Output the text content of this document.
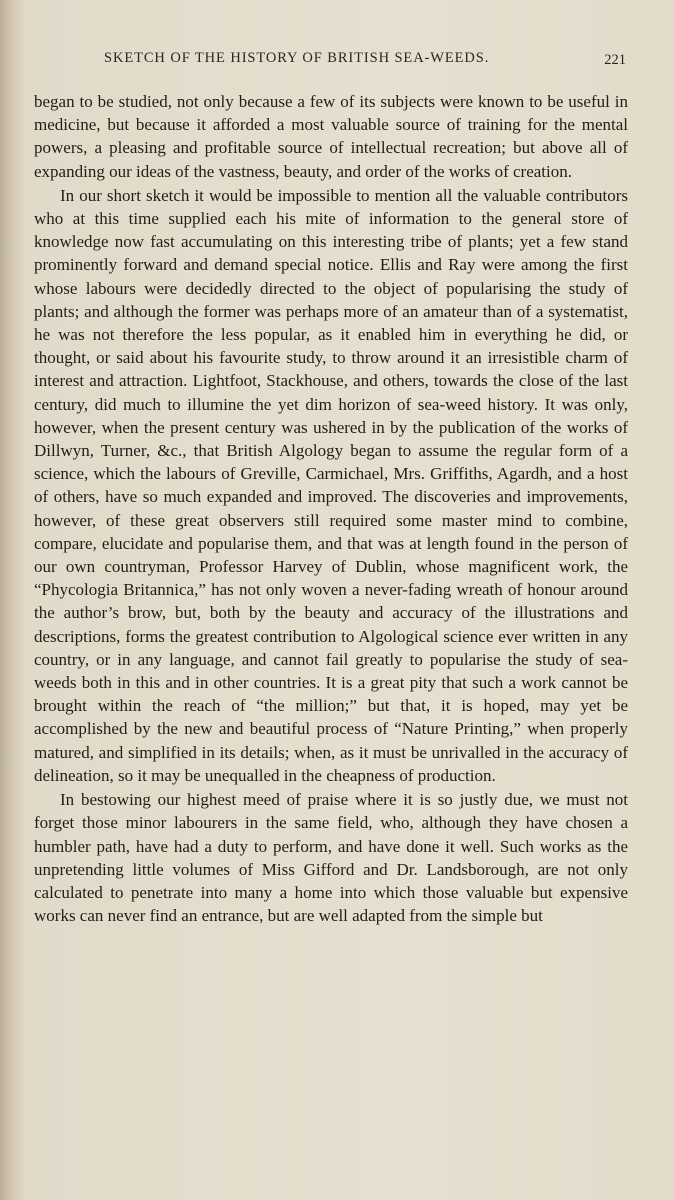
SKETCH OF THE HISTORY OF BRITISH SEA-WEEDS.	221

began to be studied, not only because a few of its subjects were known to be useful in medicine, but because it afforded a most valuable source of training for the mental powers, a pleasing and profitable source of intellectual recreation; but above all of expanding our ideas of the vastness, beauty, and order of the works of creation.

In our short sketch it would be impossible to mention all the valuable contributors who at this time supplied each his mite of information to the general store of knowledge now fast accumulating on this interesting tribe of plants; yet a few stand prominently forward and demand special notice. Ellis and Ray were among the first whose labours were decidedly directed to the object of popularising the study of plants; and although the former was perhaps more of an amateur than of a systematist, he was not therefore the less popular, as it enabled him in everything he did, or thought, or said about his favourite study, to throw around it an irresistible charm of interest and attraction. Lightfoot, Stackhouse, and others, towards the close of the last century, did much to illumine the yet dim horizon of sea-weed history. It was only, however, when the present century was ushered in by the publication of the works of Dillwyn, Turner, &c., that British Algology began to assume the regular form of a science, which the labours of Greville, Carmichael, Mrs. Griffiths, Agardh, and a host of others, have so much expanded and improved. The discoveries and improvements, however, of these great observers still required some master mind to combine, compare, elucidate and popularise them, and that was at length found in the person of our own countryman, Professor Harvey of Dublin, whose magnificent work, the “Phycologia Britannica,” has not only woven a never-fading wreath of honour around the author’s brow, but, both by the beauty and accuracy of the illustrations and descriptions, forms the greatest contribution to Algological science ever written in any country, or in any language, and cannot fail greatly to popularise the study of sea-weeds both in this and in other countries. It is a great pity that such a work cannot be brought within the reach of “the million;” but that, it is hoped, may yet be accomplished by the new and beautiful process of “Nature Printing,” when properly matured, and simplified in its details; when, as it must be unrivalled in the accuracy of delineation, so it may be unequalled in the cheapness of production.

In bestowing our highest meed of praise where it is so justly due, we must not forget those minor labourers in the same field, who, although they have chosen a humbler path, have had a duty to perform, and have done it well. Such works as the unpretending little volumes of Miss Gifford and Dr. Landsborough, are not only calculated to penetrate into many a home into which those valuable but expensive works can never find an entrance, but are well adapted from the simple but
